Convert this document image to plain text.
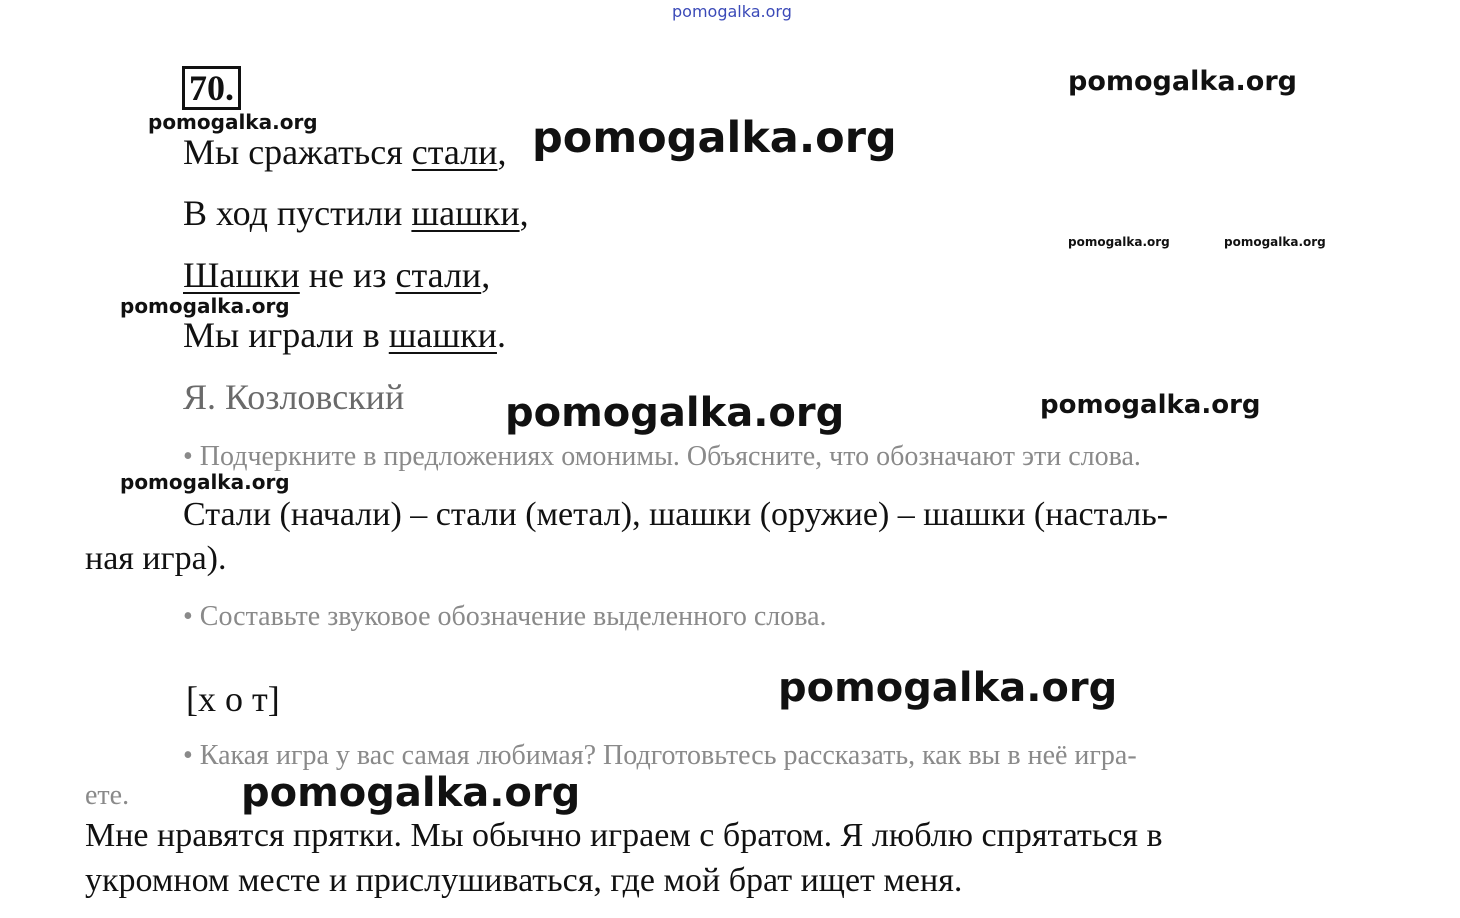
pomogalka.org
70.	pomogalka.org
pomogalka.org	pomogalka.org
pomogalka.org	pomogalka.org
pomogalka.org
pomogalka.org	pomogalka.org
pomogalka.org
pomogalka.org
pomogalka.org
Мы сражаться стали,
В ход пустили шашки,
Шашки не из стали,
Мы играли в шашки.
Я. Козловский
• Подчеркните в предложениях омонимы. Объясните, что обозначают эти слова.
Стали (начали) – стали (метал), шашки (оружие) – шашки (насталь-
ная игра).
• Составьте звуковое обозначение выделенного слова.
[х о т]
• Какая игра у вас самая любимая? Подготовьтесь рассказать, как вы в неё игра-
ете.
Мне нравятся прятки. Мы обычно играем с братом. Я люблю спрятаться в
укромном месте и прислушиваться, где мой брат ищет меня.
